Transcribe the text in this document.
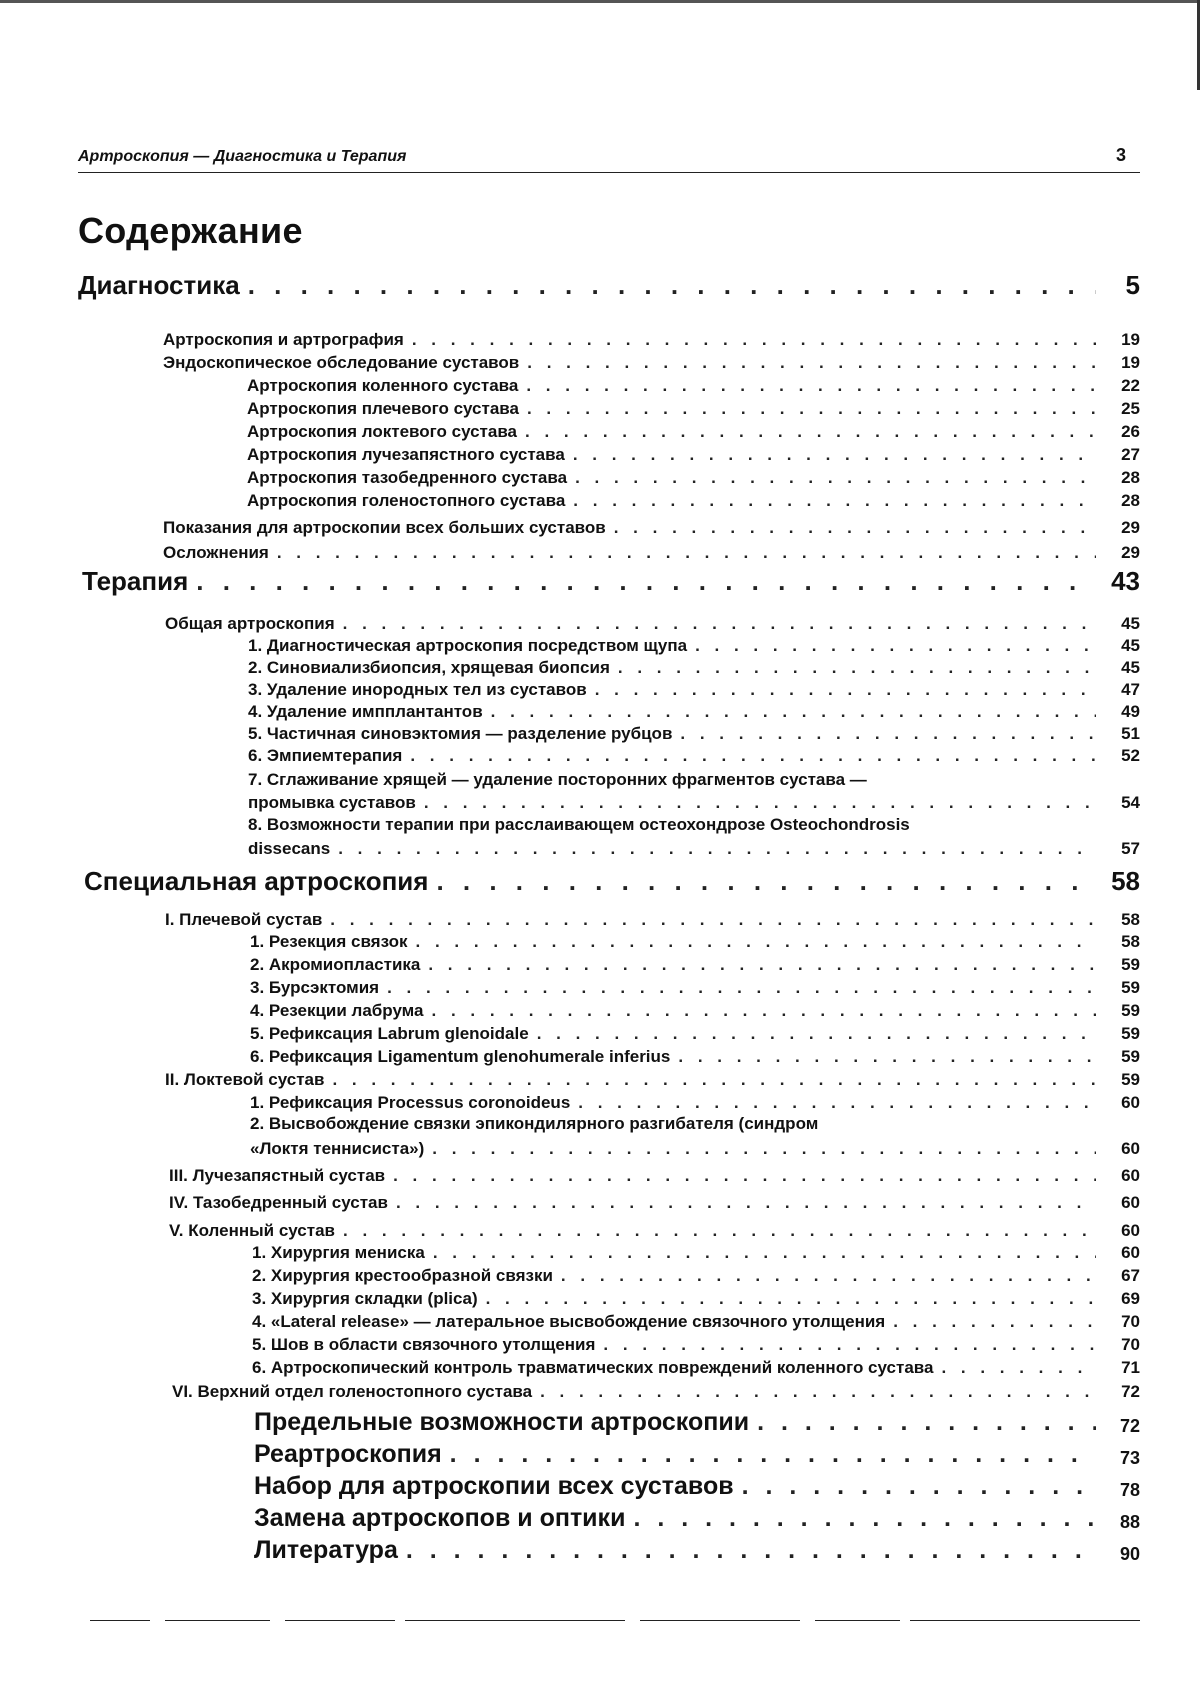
Артроскопия — Диагностика и Терапия	3
Содержание
Диагностика . . .	5
Артроскопия и артрография . . .	19
Эндоскопическое обследование суставов . . .	19
Артроскопия коленного сустава . . .	22
Артроскопия плечевого сустава . . .	25
Артроскопия локтевого сустава . . .	26
Артроскопия лучезапястного сустава . . .	27
Артроскопия тазобедренного сустава . . .	28
Артроскопия голеностопного сустава . . .	28
Показания для артроскопии всех больших суставов . . .	29
Осложнения . . .	29
Терапия . . .	43
Общая артроскопия . . .	45
1. Диагностическая артроскопия посредством щупа . . .	45
2. Синовиализбиопсия, хрящевая биопсия . . .	45
3. Удаление инородных тел из суставов . . .	47
4. Удаление импплантантов . . .	49
5. Частичная синовэктомия — разделение рубцов . . .	51
6. Эмпиемтерапия . . .	52
7. Сглаживание хрящей — удаление посторонних фрагментов сустава —
промывка суставов . . .	54
8. Возможности терапии при расслаивающем остеохондрозе Osteochondrosis
dissecans . . .	57
Специальная артроскопия . . .	58
I. Плечевой сустав . . .	58
1. Резекция связок . . .	58
2. Акромиопластика . . .	59
3. Бурсэктомия . . .	59
4. Резекции лабрума . . .	59
5. Рефиксация Labrum glenoidale . . .	59
6. Рефиксация Ligamentum glenohumerale inferius . . .	59
II. Локтевой сустав . . .	59
1. Рефиксация Processus coronoideus . . .	60
2. Высвобождение связки эпикондилярного разгибателя (синдром
«Локтя теннисиста») . . .	60
III. Лучезапястный сустав . . .	60
IV. Тазобедренный сустав . . .	60
V. Коленный сустав . . .	60
1. Хирургия мениска . . .	60
2. Хирургия крестообразной связки . . .	67
3. Хирургия складки (plica) . . .	69
4. «Lateral release» — латеральное высвобождение связочного утолщения . . .	70
5. Шов в области связочного утолщения . . .	70
6. Артроскопический контроль травматических повреждений коленного сустава . . .	71
VI. Верхний отдел голеностопного сустава . . .	72
Предельные возможности артроскопии . . .	72
Реартроскопия . . .	73
Набор для артроскопии всех суставов . . .	78
Замена артроскопов и оптики . . .	88
Литература . . .	90
